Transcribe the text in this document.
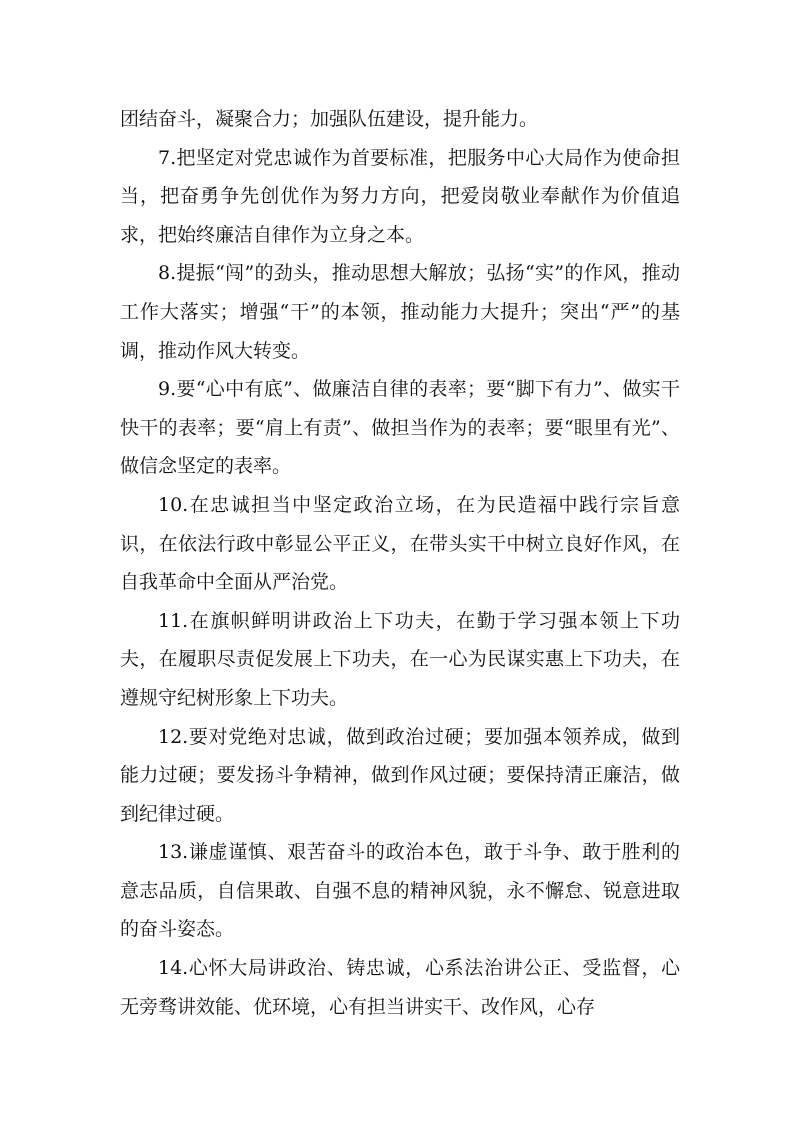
团结奋斗，凝聚合力；加强队伍建设，提升能力。

7.把坚定对党忠诚作为首要标准，把服务中心大局作为使命担当，把奋勇争先创优作为努力方向，把爱岗敬业奉献作为价值追求，把始终廉洁自律作为立身之本。

8.提振“闯”的劲头，推动思想大解放；弘扬“实”的作风，推动工作大落实；增强“干”的本领，推动能力大提升；突出“严”的基调，推动作风大转变。

9.要“心中有底”、做廉洁自律的表率；要“脚下有力”、做实干快干的表率；要“肩上有责”、做担当作为的表率；要“眼里有光”、做信念坚定的表率。

10.在忠诚担当中坚定政治立场，在为民造福中践行宗旨意识，在依法行政中彰显公平正义，在带头实干中树立良好作风，在自我革命中全面从严治党。

11.在旗帜鲜明讲政治上下功夫，在勤于学习强本领上下功夫，在履职尽责促发展上下功夫，在一心为民谋实惠上下功夫，在遵规守纪树形象上下功夫。

12.要对党绝对忠诚，做到政治过硬；要加强本领养成，做到能力过硬；要发扬斗争精神，做到作风过硬；要保持清正廉洁，做到纪律过硬。

13.谦虚谨慎、艰苦奋斗的政治本色，敢于斗争、敢于胜利的意志品质，自信果敢、自强不息的精神风貌，永不懈怠、锐意进取的奋斗姿态。

14.心怀大局讲政治、铸忠诚，心系法治讲公正、受监督，心无旁骛讲效能、优环境，心有担当讲实干、改作风，心存
